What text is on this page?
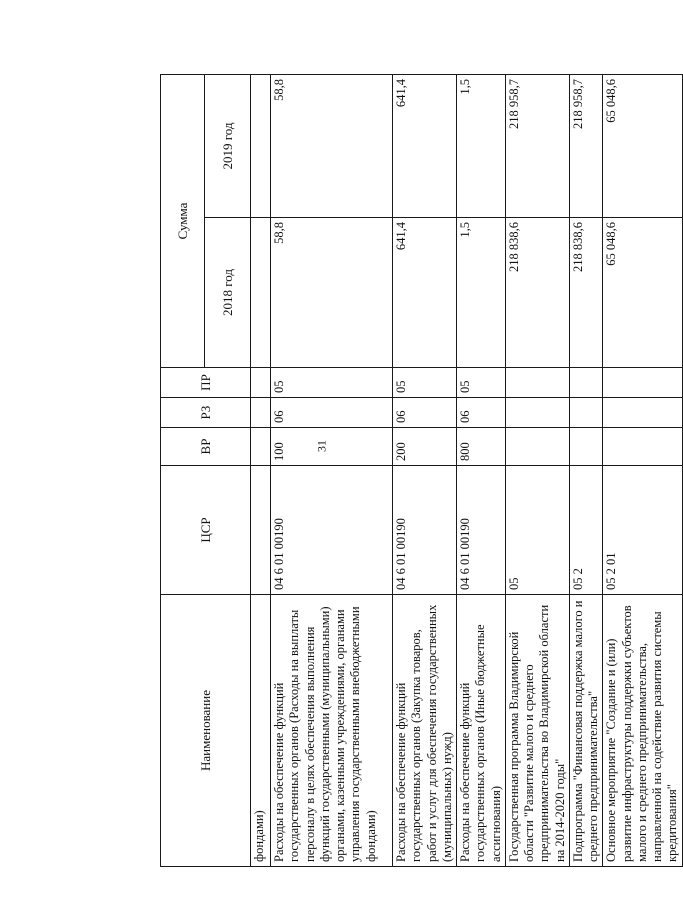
31
Наименование	ЦСР	ВР	РЗ	ПР	Сумма	
					2018 год	2019 год
фондами)						
Расходы на обеспечение функций государственных органов (Расходы на выплаты персоналу в целях обеспечения выполнения функций государственными (муниципальными) органами, казенными учреждениями, органами управления государственными внебюджетными фондами)	04 6 01 00190	100	06	05	58,8	58,8
Расходы на обеспечение функций государственных органов (Закупка товаров, работ и услуг для обеспечения государственных (муниципальных) нужд)	04 6 01 00190	200	06	05	641,4	641,4
Расходы на обеспечение функций государственных органов (Иные бюджетные ассигнования)	04 6 01 00190	800	06	05	1,5	1,5
Государственная программа Владимирской области "Развитие малого и среднего предпринимательства во Владимирской области на 2014-2020 годы"	05				218 838,6	218 958,7
Подпрограмма "Финансовая поддержка малого и среднего предпринимательства"	05 2				218 838,6	218 958,7
Основное мероприятие "Создание и (или) развитие инфраструктуры поддержки субъектов малого и среднего предпринимательства, направленной на содействие развития системы кредитования"	05 2 01				65 048,6	65 048,6
